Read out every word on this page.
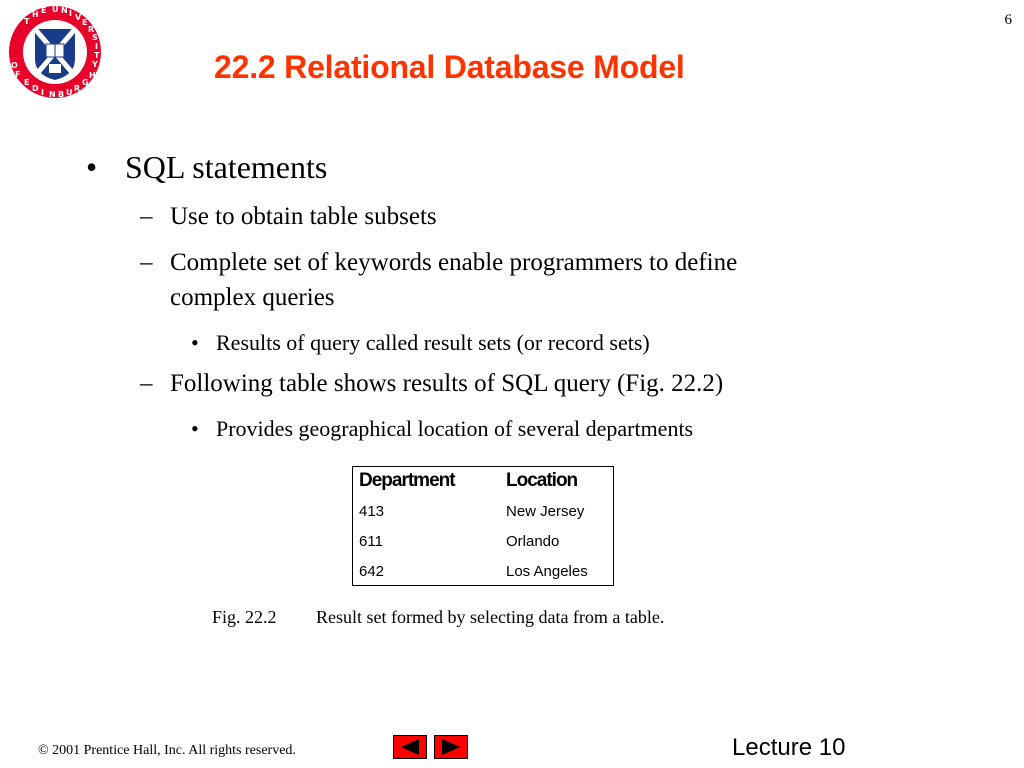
T
H E U N I V
E
R
S
I
T
Y
O
F
E
D I N B U R
G
H
6
22.2 Relational Database Model
• SQL statements
– Use to obtain table subsets
– Complete set of keywords enable programmers to define
complex queries
• Results of query called result sets (or record sets)
– Following table shows results of SQL query (Fig. 22.2)
• Provides geographical location of several departments
Department	Location
413	New Jersey
611	Orlando
642	Los Angeles
Fig. 22.2 Result set formed by selecting data from a table.
© 2001 Prentice Hall, Inc. All rights reserved.	Lecture 10
